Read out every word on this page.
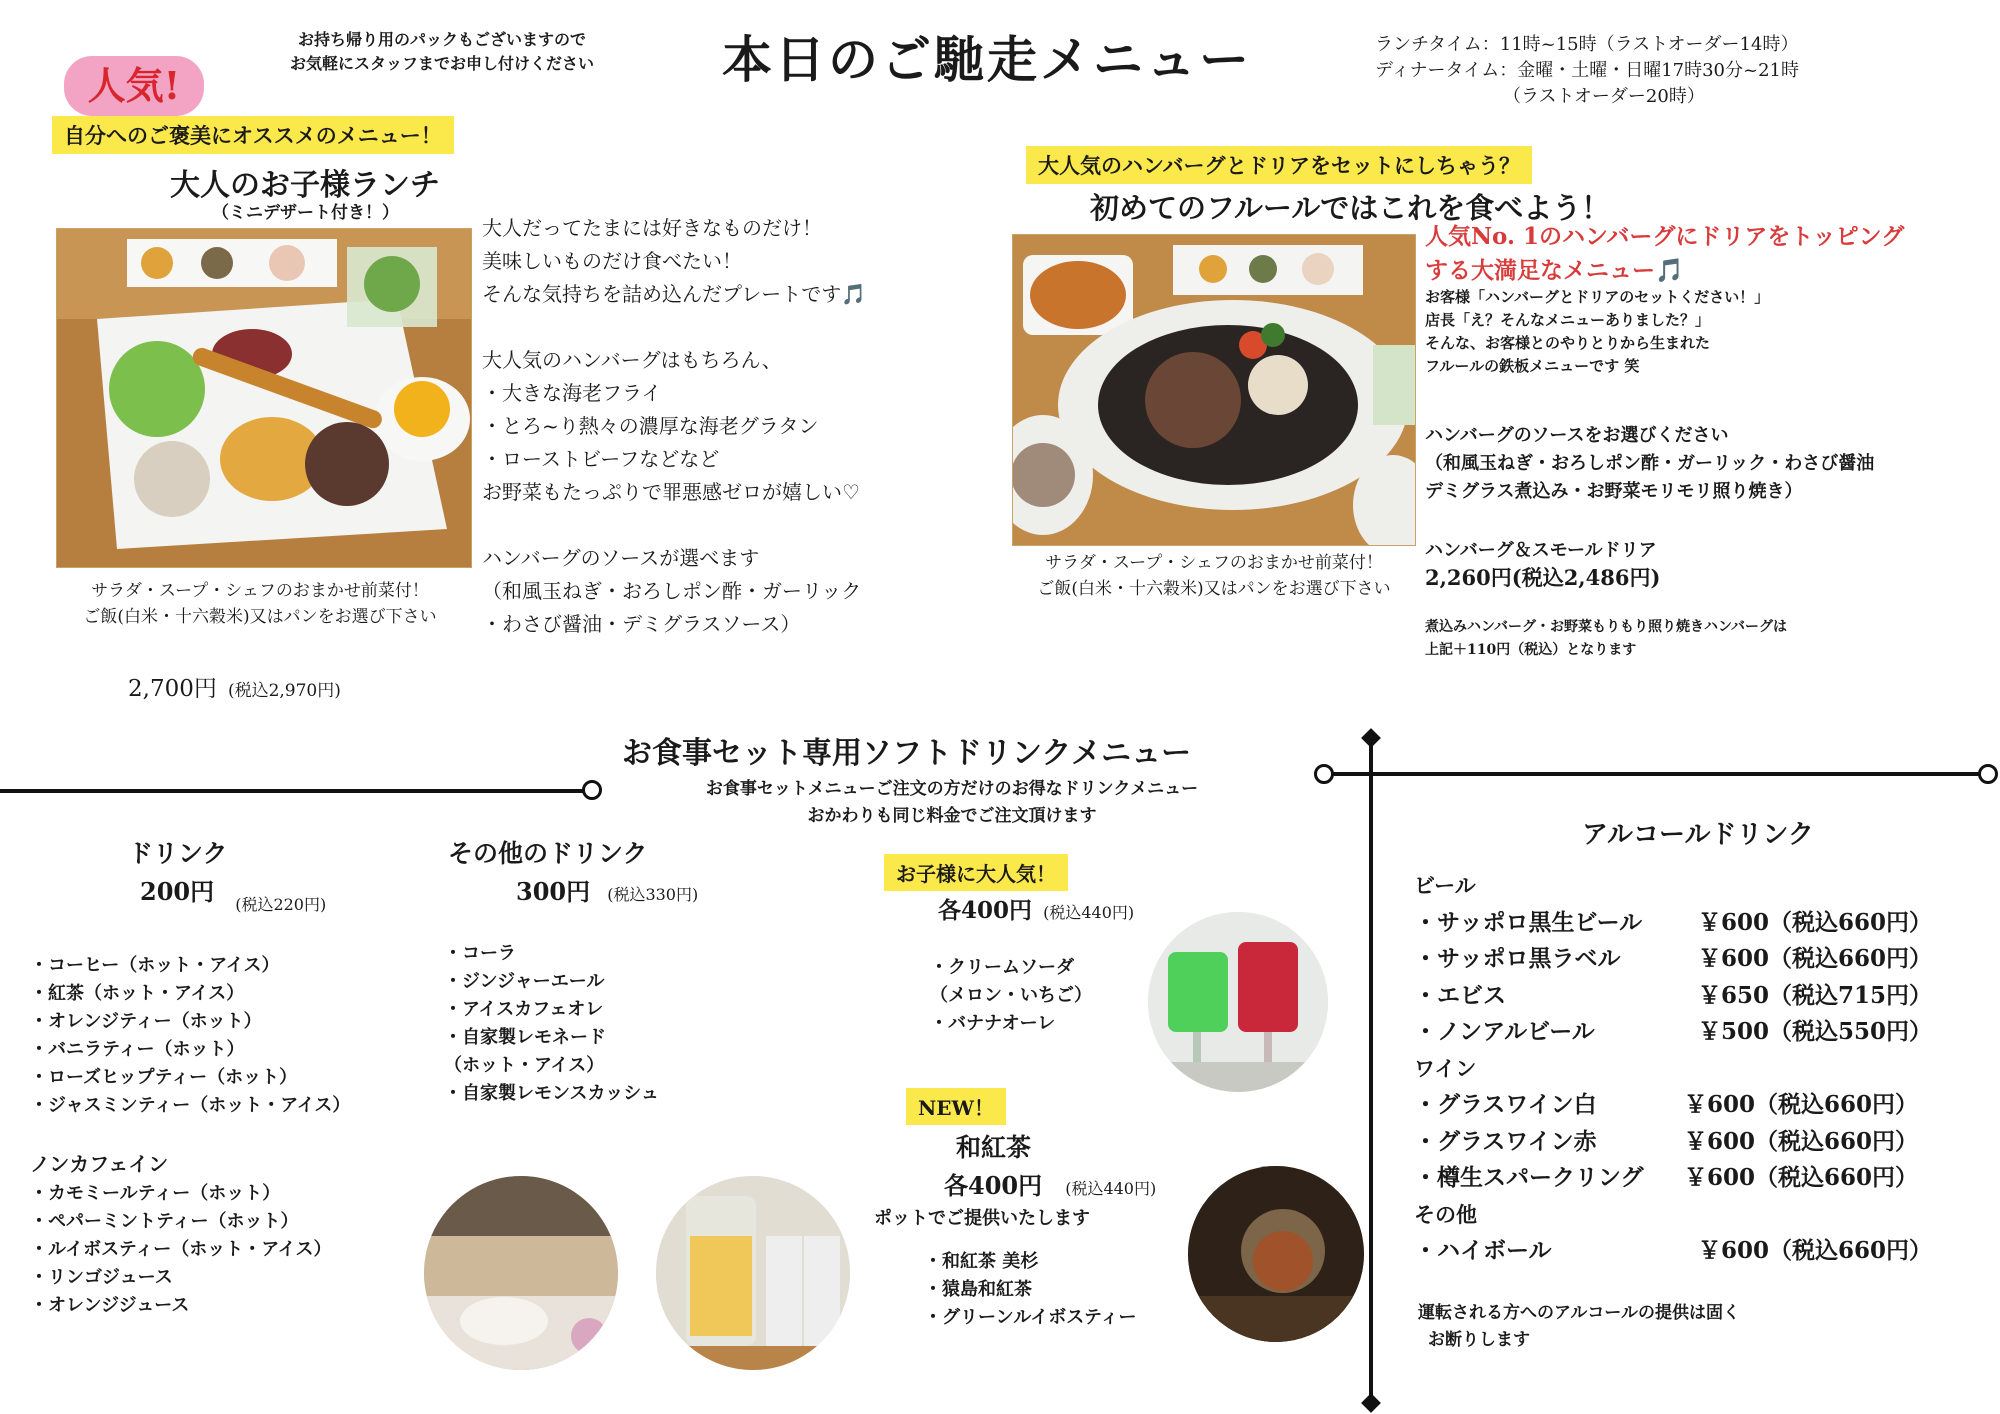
お持ち帰り用のパックもございますので
お気軽にスタッフまでお申し付けください	本日のご馳走メニュー	ランチタイム：11時~15時（ラストオーダー14時）
ディナータイム：金曜・土曜・日曜17時30分~21時
（ラストオーダー20時）
人気!
自分へのご褒美にオススメのメニュー！
大人のお子様ランチ
（ミニデザート付き！）
サラダ・スープ・シェフのおまかせ前菜付！
ご飯(白米・十六穀米)又はパンをお選び下さい
2,700円 (税込2,970円)
大人だってたまには好きなものだけ！
美味しいものだけ食べたい！
そんな気持ちを詰め込んだプレートです🎵

大人気のハンバーグはもちろん、
・大きな海老フライ
・とろ~り熱々の濃厚な海老グラタン
・ローストビーフなどなど
お野菜もたっぷりで罪悪感ゼロが嬉しい♡

ハンバーグのソースが選べます
（和風玉ねぎ・おろしポン酢・ガーリック
・わさび醤油・デミグラスソース）
大人気のハンバーグとドリアをセットにしちゃう？
初めてのフルールではこれを食べよう！
サラダ・スープ・シェフのおまかせ前菜付！
ご飯(白米・十六穀米)又はパンをお選び下さい
人気No. 1のハンバーグにドリアをトッピング
する大満足なメニュー🎵
お客様「ハンバーグとドリアのセットください！」
店長「え？そんなメニューありました？」
そんな、お客様とのやりとりから生まれた
フルールの鉄板メニューです 笑
ハンバーグのソースをお選びください
（和風玉ねぎ・おろしポン酢・ガーリック・わさび醤油
デミグラス煮込み・お野菜モリモリ照り焼き）
ハンバーグ＆スモールドリア
2,260円(税込2,486円)
煮込みハンバーグ・お野菜もりもり照り焼きハンバーグは
上記＋110円（税込）となります
お食事セット専用ソフトドリンクメニュー
お食事セットメニューご注文の方だけのお得なドリンクメニュー
おかわりも同じ料金でご注文頂けます
ドリンク
200円 (税込220円)
・コーヒー（ホット・アイス）
・紅茶（ホット・アイス）
・オレンジティー（ホット）
・バニラティー（ホット）
・ローズヒップティー（ホット）
・ジャスミンティー（ホット・アイス）
ノンカフェイン
・カモミールティー（ホット）
・ペパーミントティー（ホット）
・ルイボスティー（ホット・アイス）
・リンゴジュース
・オレンジジュース
その他のドリンク
300円 (税込330円)
・コーラ
・ジンジャーエール
・アイスカフェオレ
・自家製レモネード
（ホット・アイス）
・自家製レモンスカッシュ
お子様に大人気！
各400円 (税込440円)
・クリームソーダ
（メロン・いちご）
・バナナオーレ
NEW！
和紅茶
各400円 (税込440円)
ポットでご提供いたします
・和紅茶 美杉
・猿島和紅茶
・グリーンルイボスティー
アルコールドリンク
ビール
・サッポロ黒生ビール	￥600（税込660円）
・サッポロ黒ラベル	￥600（税込660円）
・エビス	￥650（税込715円）
・ノンアルビール	￥500（税込550円）
ワイン
・グラスワイン白	￥600（税込660円）
・グラスワイン赤	￥600（税込660円）
・樽生スパークリング	￥600（税込660円）
その他
・ハイボール	￥600（税込660円）
運転される方へのアルコールの提供は固く
お断りします
